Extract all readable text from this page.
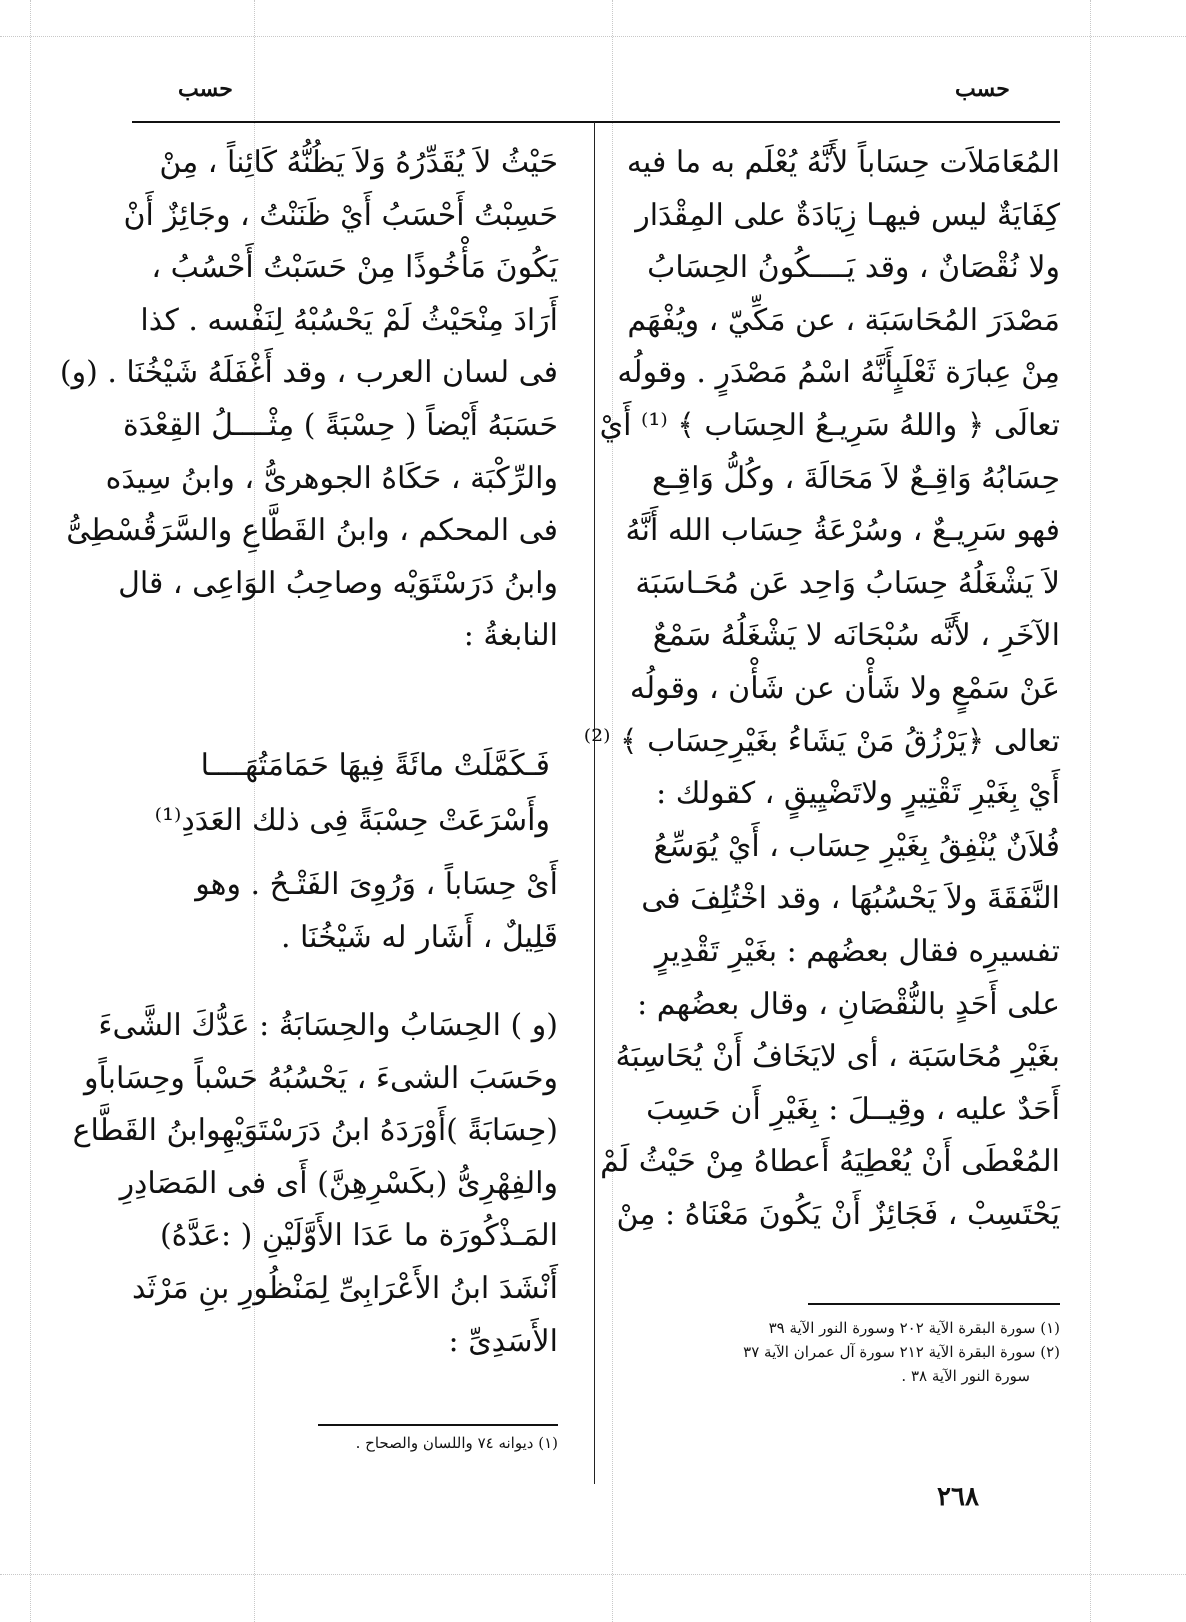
حسب
حسب
المُعَامَلاَت حِسَاباً لأَنَّهُ يُعْلَم به ما فيه
كِفَايَةٌ ليس فيهـا زِيَادَةٌ على المِقْدَار
ولا نُقْصَانٌ ، وقد يَــــكُونُ الحِسَابُ
مَصْدَرَ المُحَاسَبَة ، عن مَكِّيّ ، ويُفْهَم
مِنْ عِبارَة ثَعْلَبٍأَنَّهُ اسْمُ مَصْدَرٍ . وقولُه
تعالَى ﴿ واللهُ سَرِيـعُ الحِسَاب ﴾ ⁽¹⁾ أَيْ
حِسَابُهُ وَاقِـعٌ لاَ مَحَالَةَ ، وكُلُّ وَاقِـع
فهو سَرِيـعٌ ، وسُرْعَةُ حِسَاب الله أَنَّهُ
لاَ يَشْغَلُهُ حِسَابُ وَاحِد عَن مُحَـاسَبَة
الآخَرِ ، لأَنَّه سُبْحَانَه لا يَشْغَلُهُ سَمْعٌ
عَنْ سَمْعٍ ولا شَأْن عن شَأْن ، وقولُه
تعالى ﴿يَرْزُقُ مَنْ يَشَاءُ بغَيْرِحِسَاب ﴾ ⁽²⁾
أَيْ بِغَيْرِ تَقْتِيرٍ ولاتَضْيِيقٍ ، كقولك :
فُلاَنٌ يُنْفِقُ بِغَيْرِ حِسَاب ، أَيْ يُوَسِّعُ
النَّفَقَةَ ولاَ يَحْسُبُهَا ، وقد اخْتُلِفَ فى
تفسيرِه فقال بعضُهم : بغَيْرِ تَقْدِيرٍ
على أَحَدٍ بالنُّقْصَانِ ، وقال بعضُهم :
بغَيْرِ مُحَاسَبَة ، أى لايَخَافُ أَنْ يُحَاسِبَهُ
أَحَدٌ عليه ، وقِيــلَ : بِغَيْرِ أَن حَسِبَ
المُعْطَى أَنْ يُعْطِيَهُ أَعطاهُ مِنْ حَيْثُ لَمْ
يَحْتَسِبْ ، فَجَائِزٌ أَنْ يَكُونَ مَعْنَاهُ : مِنْ
(١) سورة البقرة الآية ٢٠٢ وسورة النور الآية ٣٩
(٢) سورة البقرة الآية ٢١٢ سورة آل عمران الآية ٣٧
سورة النور الآية ٣٨ .
حَيْثُ لاَ يُقَدِّرُهُ وَلاَ يَظُنُّهُ كَائِناً ، مِنْ
حَسِبْتُ أَحْسَبُ أَيْ ظَنَنْتُ ، وجَائِزٌ أَنْ
يَكُونَ مَأْخُوذًا مِنْ حَسَبْتُ أَحْسُبُ ،
أَرَادَ مِنْحَيْثُ لَمْ يَحْسُبْهُ لِنَفْسه . كذا
فى لسان العرب ، وقد أَغْفَلَهُ شَيْخُنَا . (و)
حَسَبَهُ أَيْضاً ( حِسْبَةً ) مِثْــــلُ القِعْدَة
والرِّكْبَة ، حَكَاهُ الجوهرىُّ ، وابنُ سِيدَه
فى المحكم ، وابنُ القَطَّاعِ والسَّرَقُسْطِىُّ
وابنُ دَرَسْتَوَيْه وصاحِبُ الوَاعِى ، قال
النابغةُ :
فَـكَمَّلَتْ مائَةً فِيهَا حَمَامَتُهَــــا
وأَسْرَعَتْ حِسْبَةً فِى ذلك العَدَدِ⁽¹⁾
أَىْ حِسَاباً ، وَرُوِىَ الفَتْـحُ . وهو
قَلِيلٌ ، أَشَار له شَيْخُنَا .
(و ) الحِسَابُ والحِسَابَةُ : عَدُّكَ الشَّىءَ
وحَسَبَ الشىءَ ، يَحْسُبُهُ حَسْباً وحِسَاباًو
(حِسَابَةً )أَوْرَدَهُ ابنُ دَرَسْتَوَيْهِوابنُ القَطَّاع
والفِهْرِىُّ (بكَسْرِهِنَّ) أَى فى المَصَادِرِ
المَـذْكُورَة ما عَدَا الأَوَّلَيْنِ ( :عَدَّهُ)
أَنْشَدَ ابنُ الأَعْرَابِىِّ لِمَنْظُورِ بنِ مَرْثَد
الأَسَدِىِّ :
(١) ديوانه ٧٤ واللسان والصحاح .
٢٦٨
